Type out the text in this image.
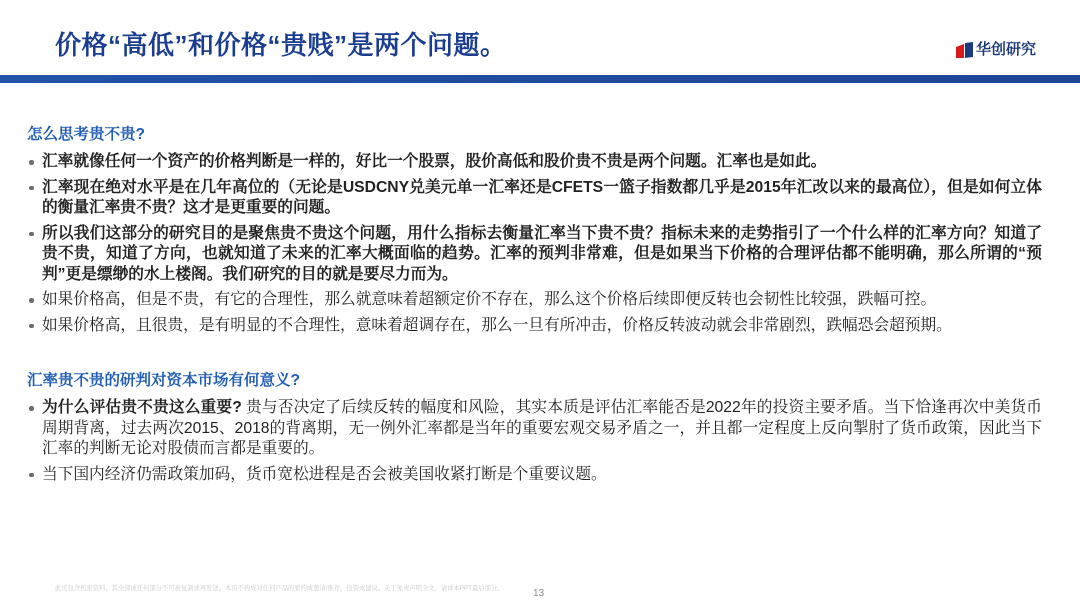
价格“高低”和价格“贵贱”是两个问题。	华创研究
怎么思考贵不贵?
汇率就像任何一个资产的价格判断是一样的，好比一个股票，股价高低和股价贵不贵是两个问题。汇率也是如此。
汇率现在绝对水平是在几年高位的（无论是USDCNY兑美元单一汇率还是CFETS一篮子指数都几乎是2015年汇改以来的最高位），但是如何立体的衡量汇率贵不贵？这才是更重要的问题。
所以我们这部分的研究目的是聚焦贵不贵这个问题，用什么指标去衡量汇率当下贵不贵？指标未来的走势指引了一个什么样的汇率方向？知道了贵不贵，知道了方向，也就知道了未来的汇率大概面临的趋势。汇率的预判非常难，但是如果当下价格的合理评估都不能明确，那么所谓的“预判”更是缥缈的水上楼阁。我们研究的目的就是要尽力而为。
如果价格高，但是不贵，有它的合理性，那么就意味着超额定价不存在，那么这个价格后续即便反转也会韧性比较强，跌幅可控。
如果价格高，且很贵，是有明显的不合理性，意味着超调存在，那么一旦有所冲击，价格反转波动就会非常剧烈，跌幅恐会超预期。
汇率贵不贵的研判对资本市场有何意义?
为什么评估贵不贵这么重要? 贵与否决定了后续反转的幅度和风险，其实本质是评估汇率能否是2022年的投资主要矛盾。当下恰逢再次中美货币周期背离，过去两次2015、2018的背离期，无一例外汇率都是当年的重要宏观交易矛盾之一，并且都一定程度上反向掣肘了货币政策，因此当下汇率的判断无论对股债而言都是重要的。
当下国内经济仍需政策加码，货币宽松进程是否会被美国收紧打断是个重要议题。
此页包含机密资料，其全部或任何部分不可被复制或再发送。本页不构成对任何产品的要约或邀请/推荐，投资或建议。关于免责声明全文，请详本PPT最后部分。	13
